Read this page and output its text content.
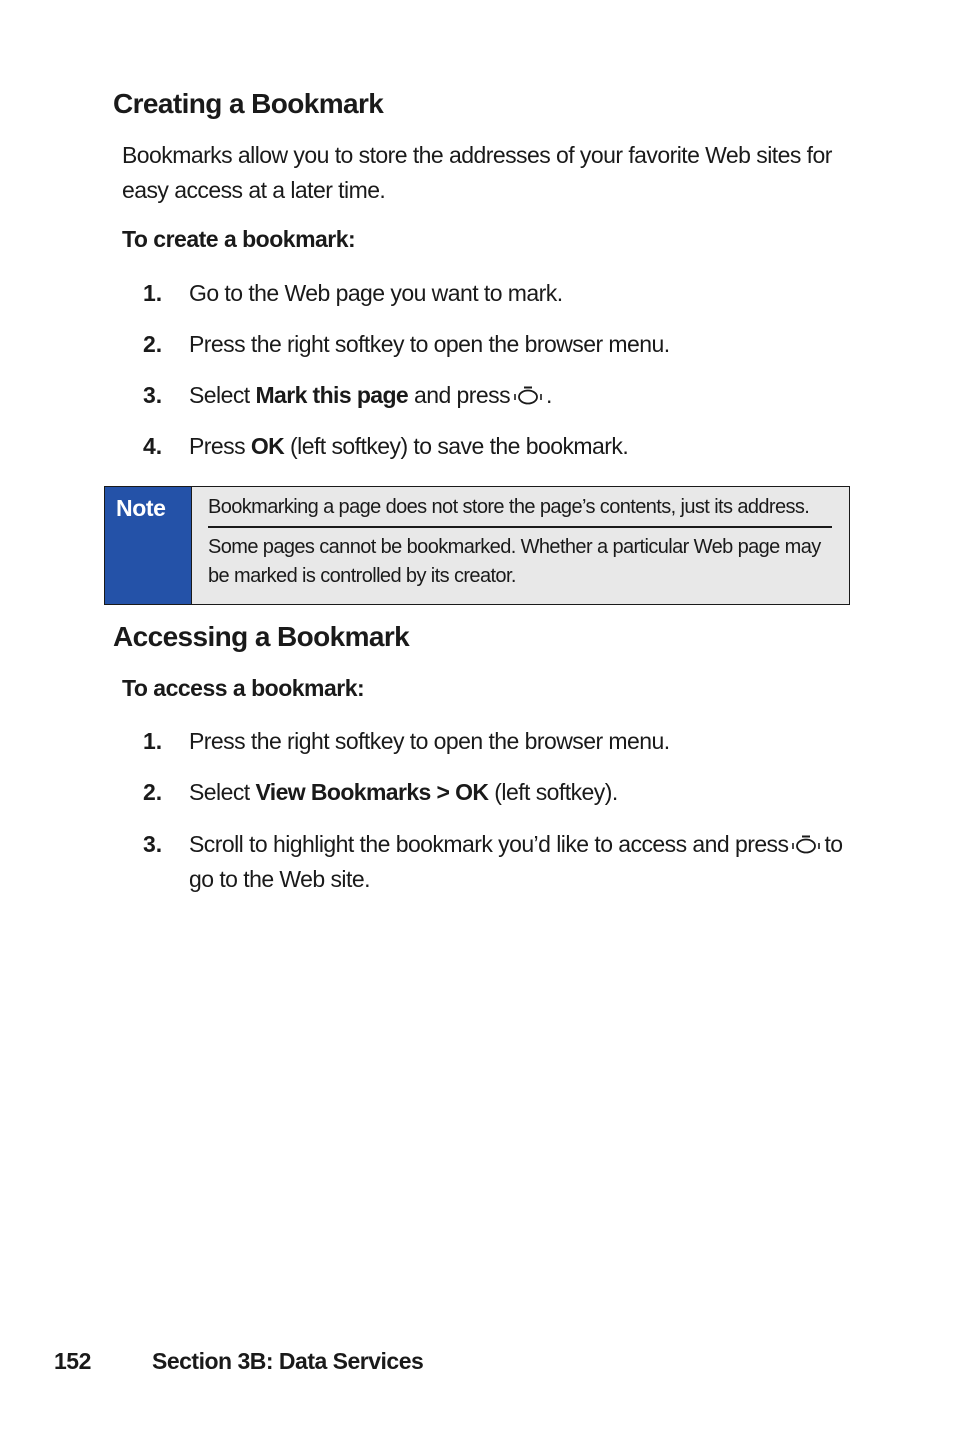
Creating a Bookmark

Bookmarks allow you to store the addresses of your favorite Web sites for easy access at a later time.

To create a bookmark:
1. Go to the Web page you want to mark.
2. Press the right softkey to open the browser menu.
3. Select Mark this page and press .
4. Press OK (left softkey) to save the bookmark.
Note Bookmarking a page does not store the page’s contents, just its address.
Some pages cannot be bookmarked. Whether a particular Web page may be marked is controlled by its creator.
Accessing a Bookmark
To access a bookmark:
1. Press the right softkey to open the browser menu.
2. Select View Bookmarks > OK (left softkey).
3. Scroll to highlight the bookmark you’d like to access and press to go to the Web site.
152	Section 3B: Data Services
